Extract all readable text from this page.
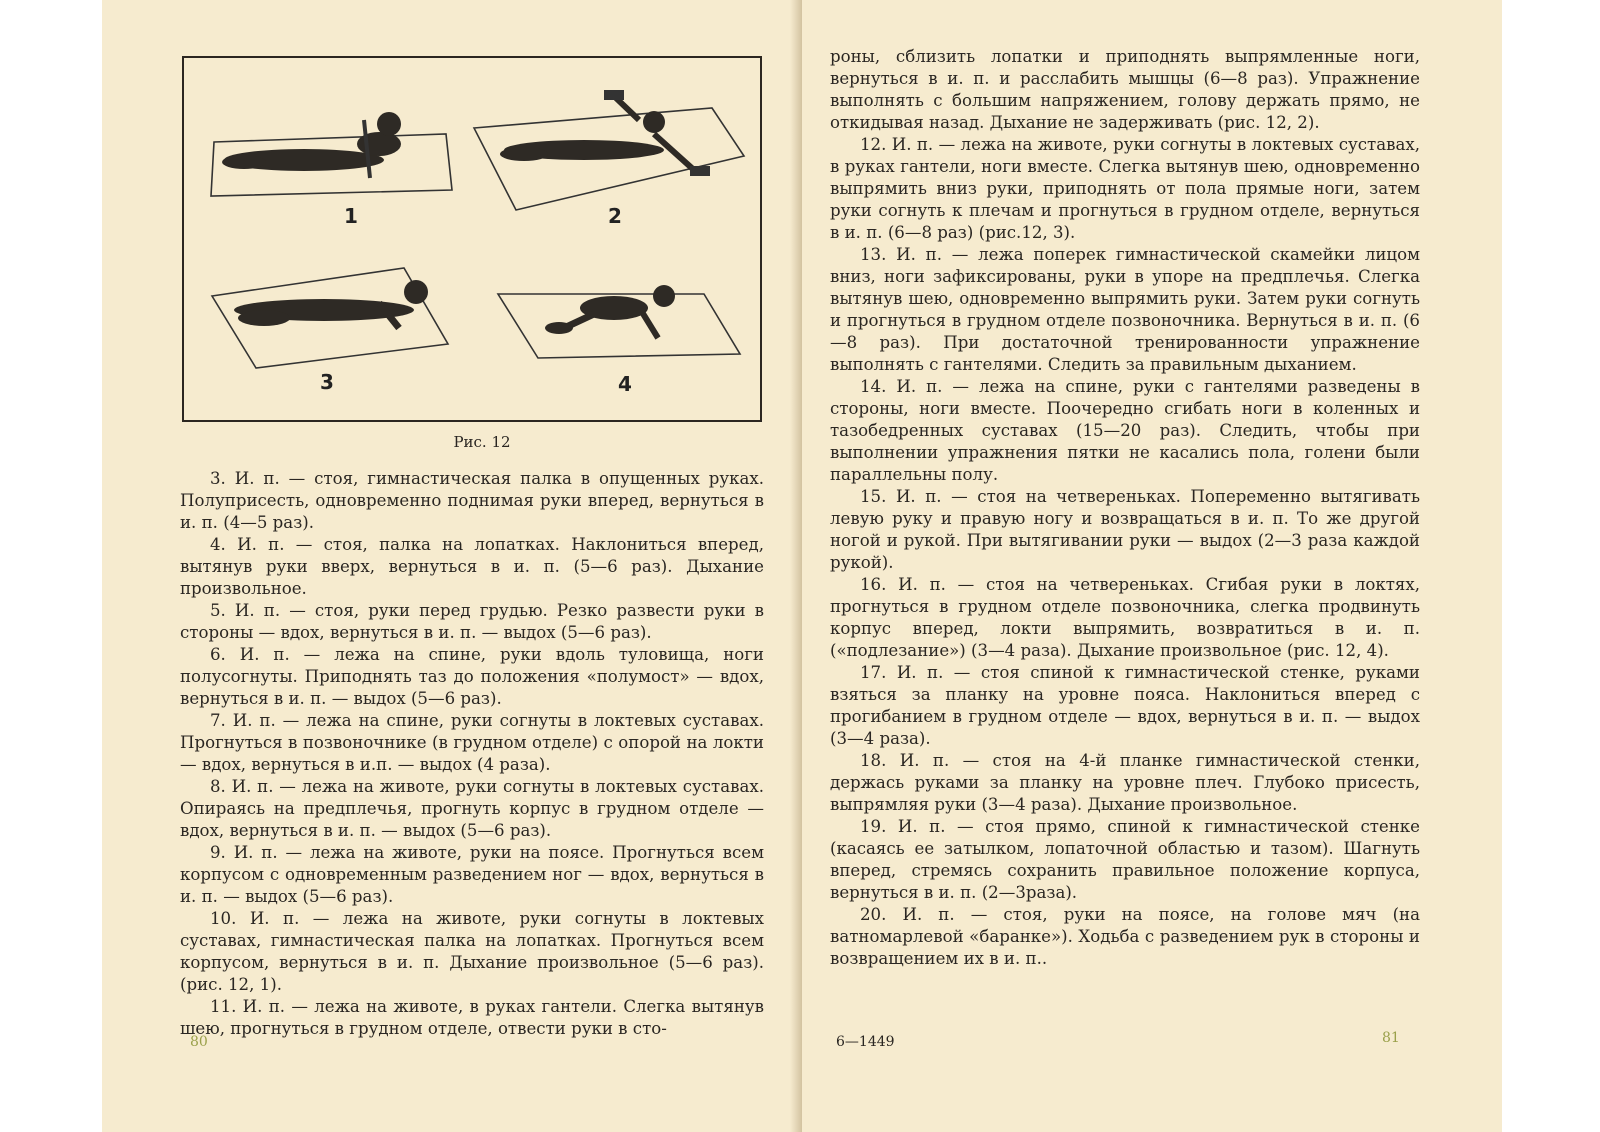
1	2
3	4
Рис. 12

3. И. п. — стоя, гимнастическая палка в опущенных руках. Полуприсесть, одновременно поднимая руки вперед, вернуться в и. п. (4—5 раз).

4. И. п. — стоя, палка на лопатках. Наклониться вперед, вытянув руки вверх, вернуться в и. п. (5—6 раз). Дыхание произвольное.

5. И. п. — стоя, руки перед грудью. Резко развести руки в стороны — вдох, вернуться в и. п. — выдох (5—6 раз).

6. И. п. — лежа на спине, руки вдоль туловища, ноги полусогнуты. Приподнять таз до положения «полумост» — вдох, вернуться в и. п. — выдох (5—6 раз).

7. И. п. — лежа на спине, руки согнуты в локтевых суставах. Прогнуться в позвоночнике (в грудном отделе) с опорой на локти — вдох, вернуться в и.п. — выдох (4 раза).

8. И. п. — лежа на животе, руки согнуты в локтевых суставах. Опираясь на предплечья, прогнуть корпус в грудном отделе — вдох, вернуться в и. п. — выдох (5—6 раз).

9. И. п. — лежа на животе, руки на поясе. Прогнуться всем корпусом с одновременным разведением ног — вдох, вернуться в и. п. — выдох (5—6 раз).

10. И. п. — лежа на животе, руки согнуты в локтевых суставах, гимнастическая палка на лопатках. Прогнуться всем корпусом, вернуться в и. п. Дыхание произвольное (5—6 раз). (рис. 12, 1).

11. И. п. — лежа на животе, в руках гантели. Слегка вытянув шею, прогнуться в грудном отделе, отвести руки в сто-

80

роны, сблизить лопатки и приподнять выпрямленные ноги, вернуться в и. п. и расслабить мышцы (6—8 раз). Упражнение выполнять с большим напряжением, голову держать прямо, не откидывая назад. Дыхание не задерживать (рис. 12, 2).

12. И. п. — лежа на животе, руки согнуты в локтевых суставах, в руках гантели, ноги вместе. Слегка вытянув шею, одновременно выпрямить вниз руки, приподнять от пола прямые ноги, затем руки согнуть к плечам и прогнуться в грудном отделе, вернуться в и. п. (6—8 раз) (рис.12, 3).

13. И. п. — лежа поперек гимнастической скамейки лицом вниз, ноги зафиксированы, руки в упоре на предплечья. Слегка вытянув шею, одновременно выпрямить руки. Затем руки согнуть и прогнуться в грудном отделе позвоночника. Вернуться в и. п. (6—8 раз). При достаточной тренированности упражнение выполнять с гантелями. Следить за правильным дыханием.

14. И. п. — лежа на спине, руки с гантелями разведены в стороны, ноги вместе. Поочередно сгибать ноги в коленных и тазобедренных суставах (15—20 раз). Следить, чтобы при выполнении упражнения пятки не касались пола, голени были параллельны полу.

15. И. п. — стоя на четвереньках. Попеременно вытягивать левую руку и правую ногу и возвращаться в и. п. То же другой ногой и рукой. При вытягивании руки — выдох (2—3 раза каждой рукой).

16. И. п. — стоя на четвереньках. Сгибая руки в локтях, прогнуться в грудном отделе позвоночника, слегка продвинуть корпус вперед, локти выпрямить, возвратиться в и. п. («подлезание») (3—4 раза). Дыхание произвольное (рис. 12, 4).

17. И. п. — стоя спиной к гимнастической стенке, руками взяться за планку на уровне пояса. Наклониться вперед с прогибанием в грудном отделе — вдох, вернуться в и. п. — выдох (3—4 раза).

18. И. п. — стоя на 4-й планке гимнастической стенки, держась руками за планку на уровне плеч. Глубоко присесть, выпрямляя руки (3—4 раза). Дыхание произвольное.

19. И. п. — стоя прямо, спиной к гимнастической стенке (касаясь ее затылком, лопаточной областью и тазом). Шагнуть вперед, стремясь сохранить правильное положение корпуса, вернуться в и. п. (2—3раза).

20. И. п. — стоя, руки на поясе, на голове мяч (на ватномарлевой «баранке»). Ходьба с разведением рук в стороны и возвращением их в и. п..

6—1449	81
